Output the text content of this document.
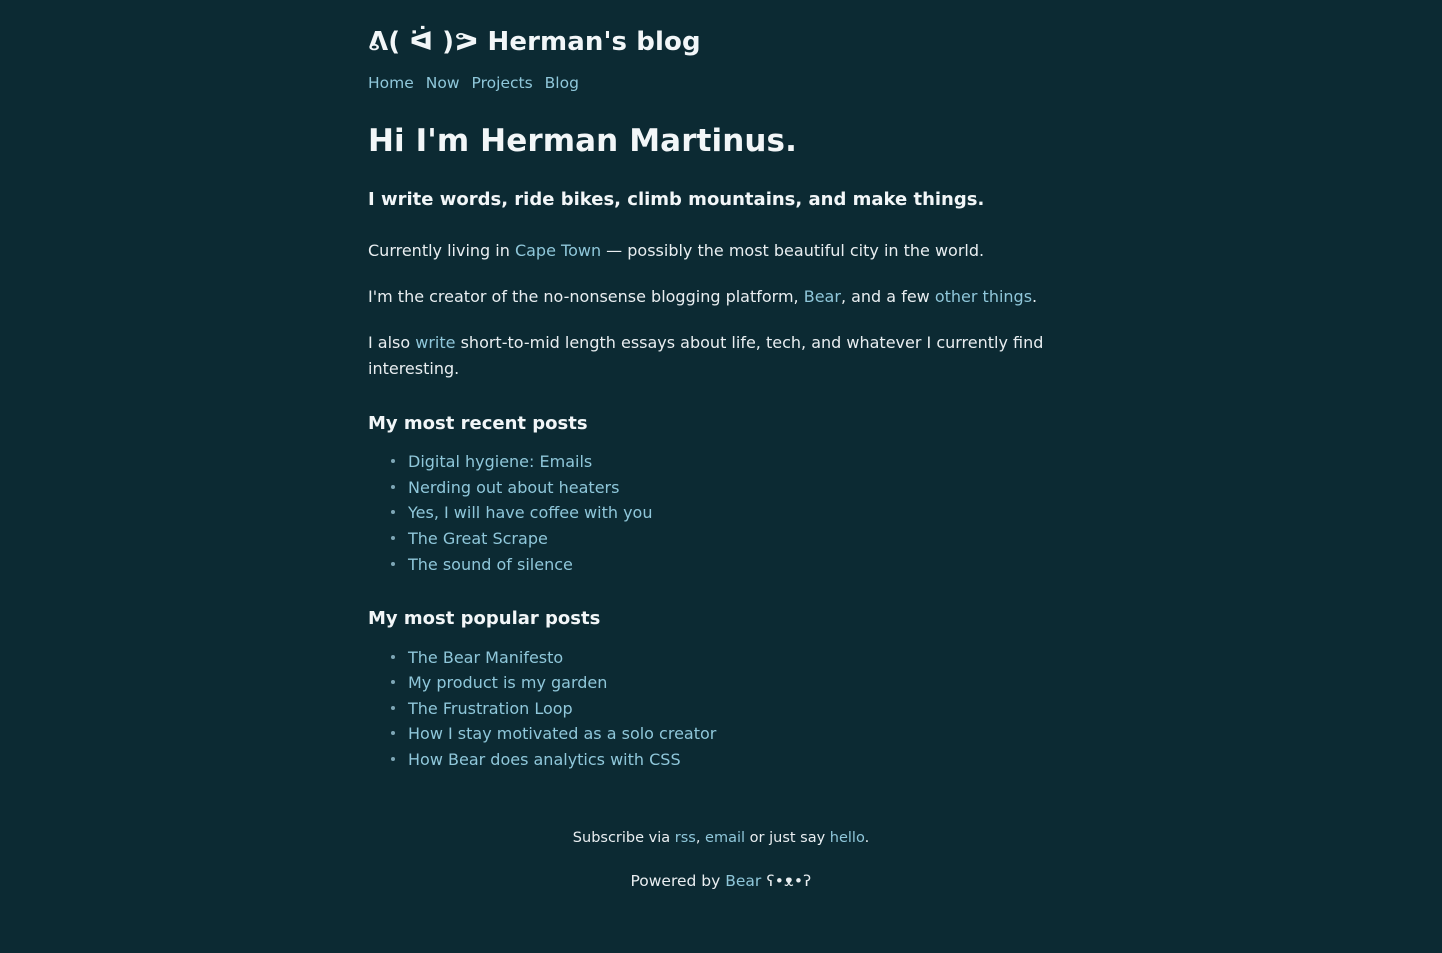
ᕕ( ᐛ )ᕗ Herman's blog
Home Now Projects Blog
Hi I'm Herman Martinus.
I write words, ride bikes, climb mountains, and make things.

Currently living in Cape Town — possibly the most beautiful city in the world.

I'm the creator of the no-nonsense blogging platform, Bear, and a few other things.

I also write short-to-mid length essays about life, tech, and whatever I currently find interesting.

My most recent posts
Digital hygiene: Emails
Nerding out about heaters
Yes, I will have coffee with you
The Great Scrape
The sound of silence
My most popular posts
The Bear Manifesto
My product is my garden
The Frustration Loop
How I stay motivated as a solo creator
How Bear does analytics with CSS
Subscribe via rss, email or just say hello.
Powered by Bear ʕ•ᴥ•ʔ
